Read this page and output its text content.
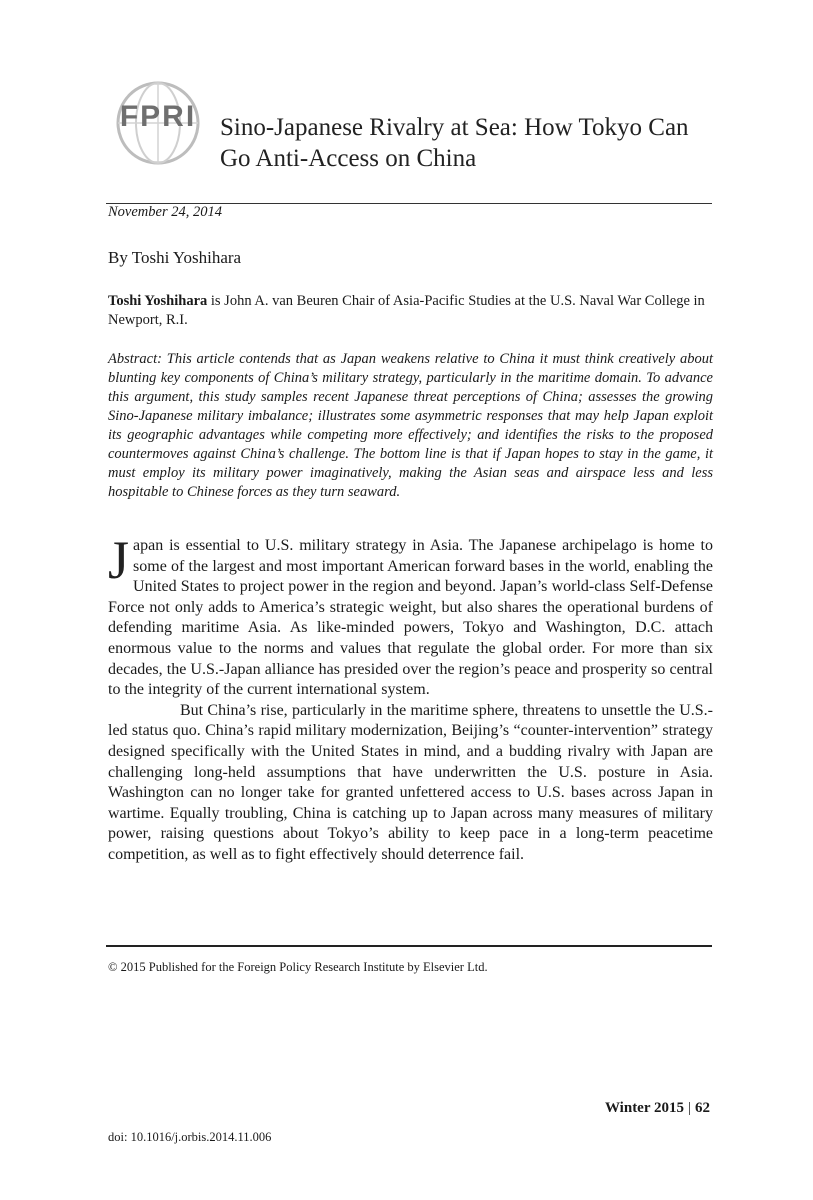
FPRI Sino-Japanese Rivalry at Sea: How Tokyo Can Go Anti-Access on China
November 24, 2014
By Toshi Yoshihara
Toshi Yoshihara is John A. van Beuren Chair of Asia-Pacific Studies at the U.S. Naval War College in Newport, R.I.
Abstract: This article contends that as Japan weakens relative to China it must think creatively about blunting key components of China’s military strategy, particularly in the maritime domain. To advance this argument, this study samples recent Japanese threat perceptions of China; assesses the growing Sino-Japanese military imbalance; illustrates some asymmetric responses that may help Japan exploit its geographic advantages while competing more effectively; and identifies the risks to the proposed countermoves against China’s challenge. The bottom line is that if Japan hopes to stay in the game, it must employ its military power imaginatively, making the Asian seas and airspace less and less hospitable to Chinese forces as they turn seaward.

Japan is essential to U.S. military strategy in Asia. The Japanese archipelago is home to some of the largest and most important American forward bases in the world, enabling the United States to project power in the region and beyond. Japan’s world-class Self-Defense Force not only adds to America’s strategic weight, but also shares the operational burdens of defending maritime Asia. As like-minded powers, Tokyo and Washington, D.C. attach enormous value to the norms and values that regulate the global order. For more than six decades, the U.S.-Japan alliance has presided over the region’s peace and prosperity so central to the integrity of the current international system.

But China’s rise, particularly in the maritime sphere, threatens to unsettle the U.S.-led status quo. China’s rapid military modernization, Beijing’s “counter-intervention” strategy designed specifically with the United States in mind, and a budding rivalry with Japan are challenging long-held assumptions that have underwritten the U.S. posture in Asia. Washington can no longer take for granted unfettered access to U.S. bases across Japan in wartime. Equally troubling, China is catching up to Japan across many measures of military power, raising questions about Tokyo’s ability to keep pace in a long-term peacetime competition, as well as to fight effectively should deterrence fail.

© 2015 Published for the Foreign Policy Research Institute by Elsevier Ltd.
Winter 2015 | 62
doi: 10.1016/j.orbis.2014.11.006
